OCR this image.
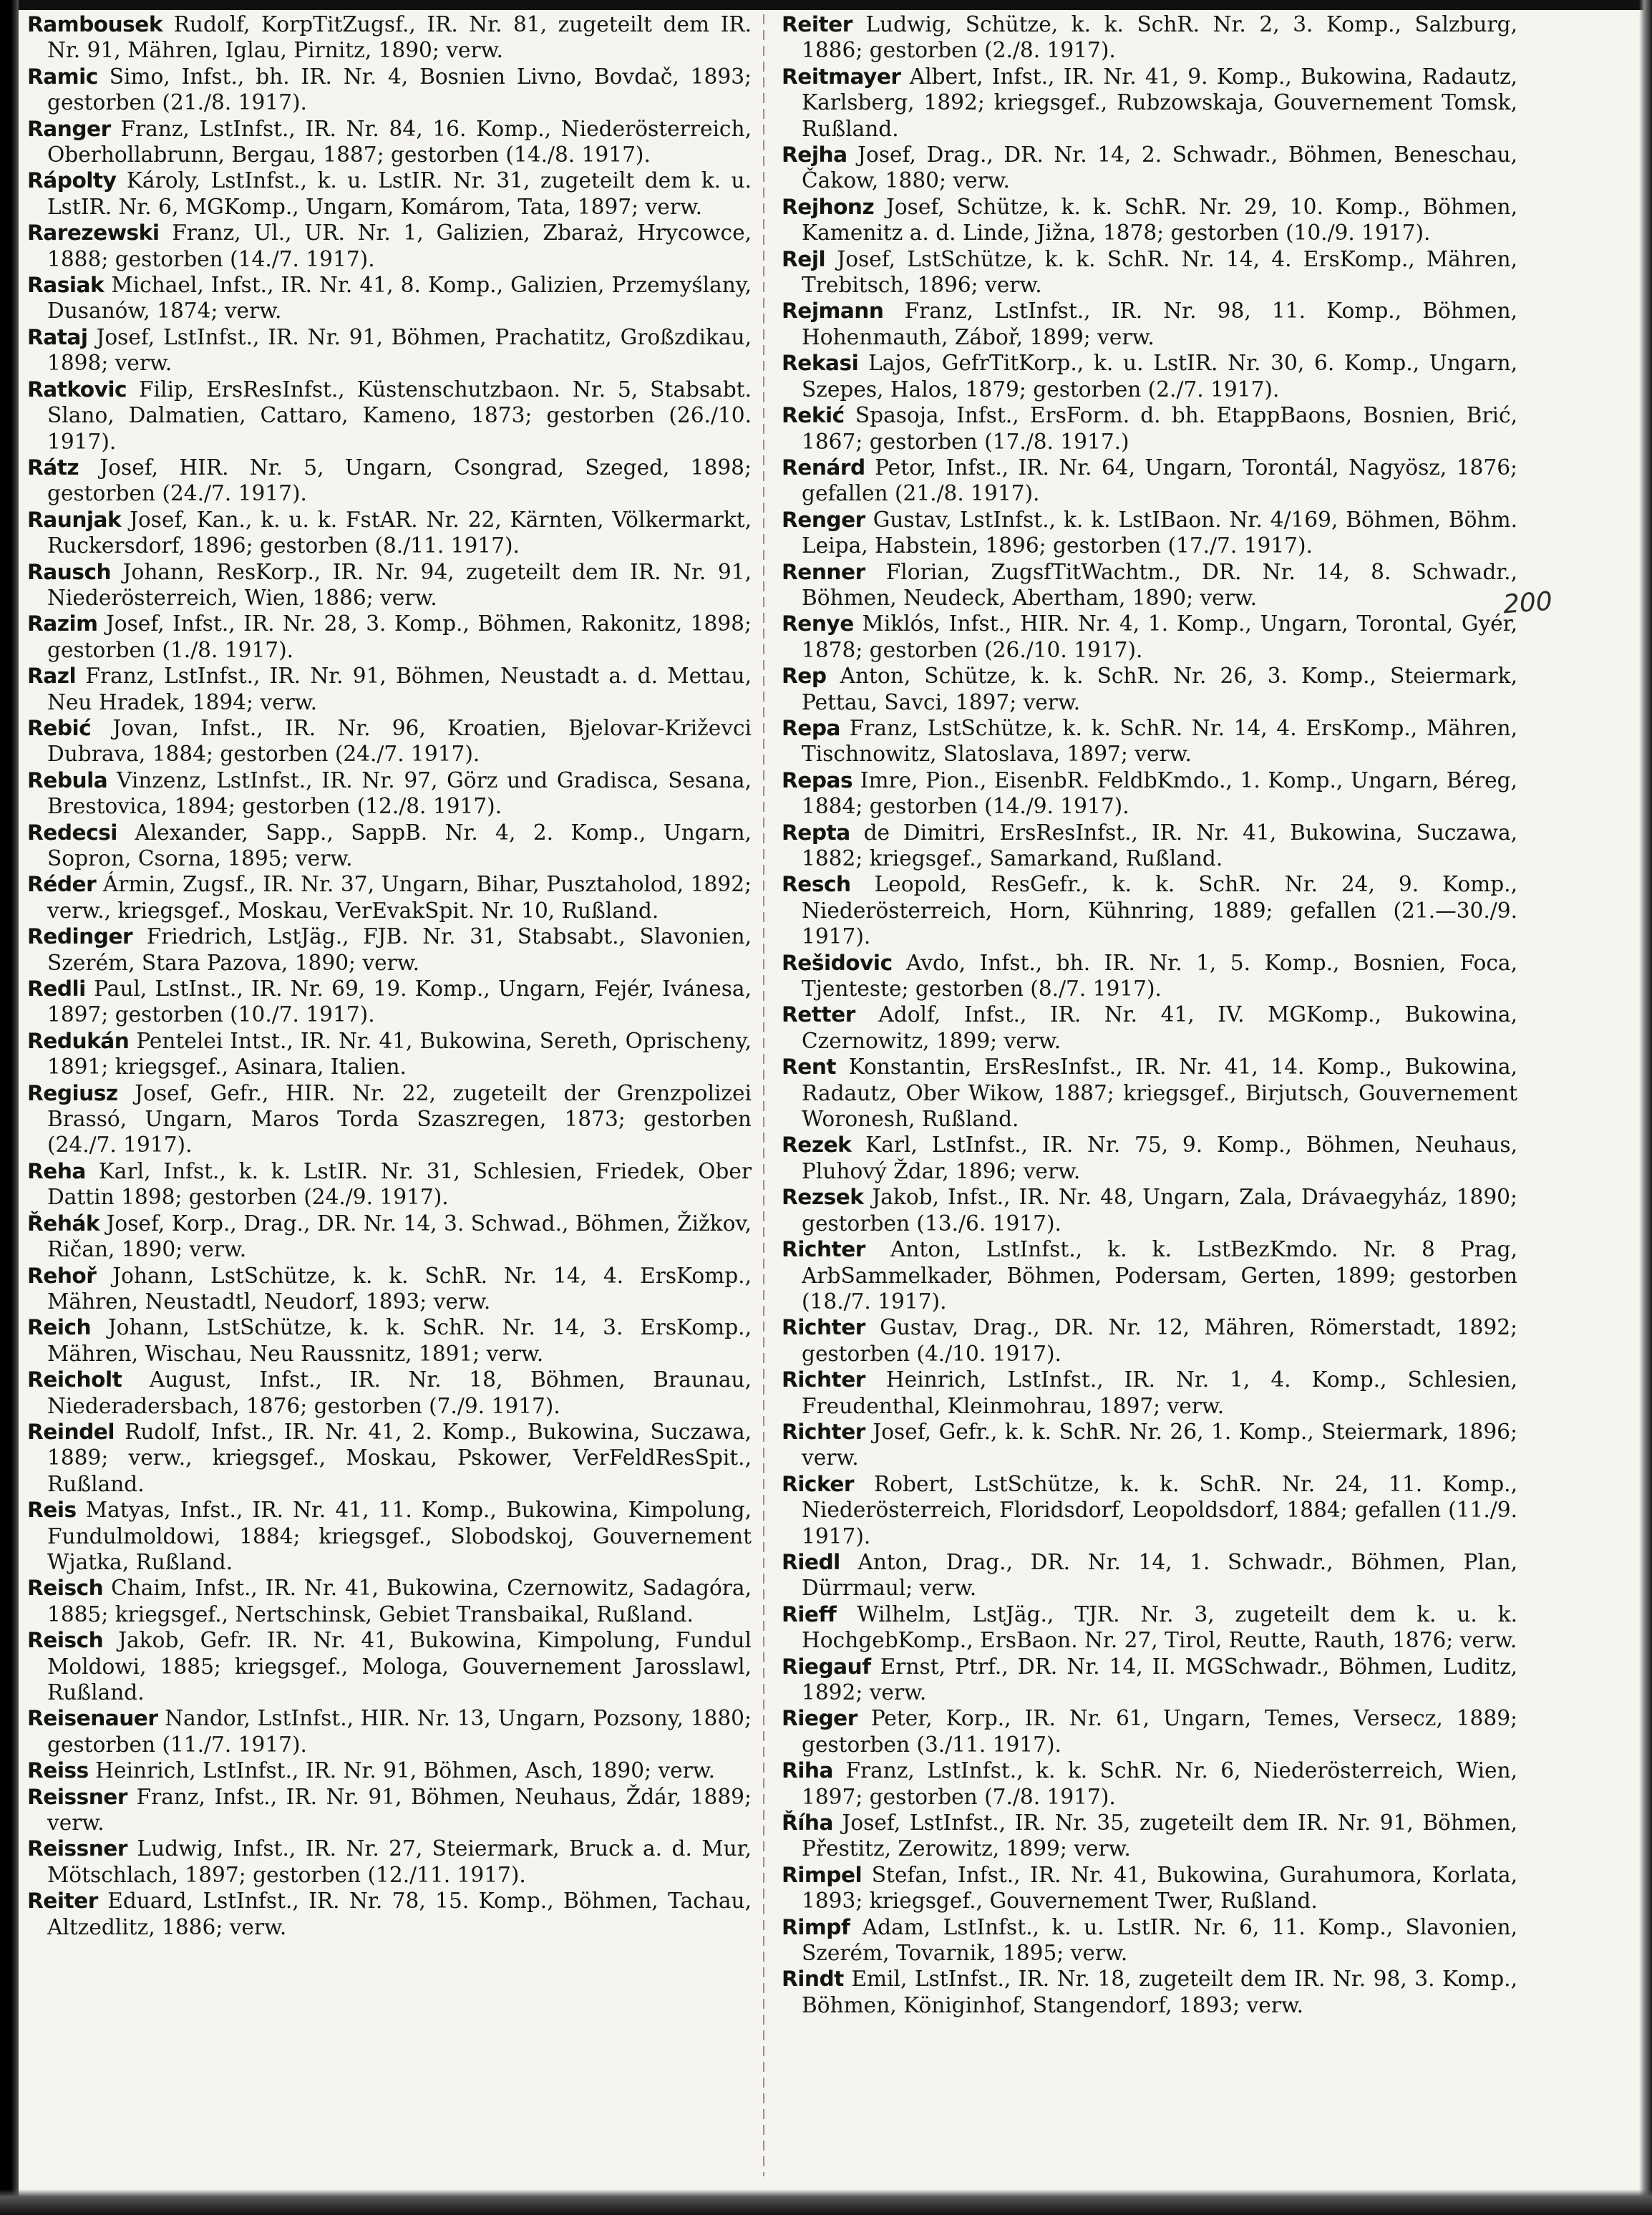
Rambousek Rudolf, KorpTitZugsf., IR. Nr. 81, zugeteilt dem IR. Nr. 91, Mähren, Iglau, Pirnitz, 1890; verw.

Ramic Simo, Infst., bh. IR. Nr. 4, Bosnien Livno, Bovdač, 1893; gestorben (21./8. 1917).

Ranger Franz, LstInfst., IR. Nr. 84, 16. Komp., Niederösterreich, Oberhollabrunn, Bergau, 1887; gestorben (14./8. 1917).

Rápolty Károly, LstInfst., k. u. LstIR. Nr. 31, zugeteilt dem k. u. LstIR. Nr. 6, MGKomp., Ungarn, Komárom, Tata, 1897; verw.

Rarezewski Franz, Ul., UR. Nr. 1, Galizien, Zbaraż, Hrycowce, 1888; gestorben (14./7. 1917).

Rasiak Michael, Infst., IR. Nr. 41, 8. Komp., Galizien, Przemyślany, Dusanów, 1874; verw.

Rataj Josef, LstInfst., IR. Nr. 91, Böhmen, Prachatitz, Großzdikau, 1898; verw.

Ratkovic Filip, ErsResInfst., Küstenschutzbaon. Nr. 5, Stabsabt. Slano, Dalmatien, Cattaro, Kameno, 1873; gestorben (26./10. 1917).

Rátz Josef, HIR. Nr. 5, Ungarn, Csongrad, Szeged, 1898; gestorben (24./7. 1917).

Raunjak Josef, Kan., k. u. k. FstAR. Nr. 22, Kärnten, Völkermarkt, Ruckersdorf, 1896; gestorben (8./11. 1917).

Rausch Johann, ResKorp., IR. Nr. 94, zugeteilt dem IR. Nr. 91, Niederösterreich, Wien, 1886; verw.

Razim Josef, Infst., IR. Nr. 28, 3. Komp., Böhmen, Rakonitz, 1898; gestorben (1./8. 1917).

Razl Franz, LstInfst., IR. Nr. 91, Böhmen, Neustadt a. d. Mettau, Neu Hradek, 1894; verw.

Rebić Jovan, Infst., IR. Nr. 96, Kroatien, Bjelovar-Križevci Dubrava, 1884; gestorben (24./7. 1917).

Rebula Vinzenz, LstInfst., IR. Nr. 97, Görz und Gradisca, Sesana, Brestovica, 1894; gestorben (12./8. 1917).

Redecsi Alexander, Sapp., SappB. Nr. 4, 2. Komp., Ungarn, Sopron, Csorna, 1895; verw.

Réder Ármin, Zugsf., IR. Nr. 37, Ungarn, Bihar, Pusztaholod, 1892; verw., kriegsgef., Moskau, VerEvakSpit. Nr. 10, Rußland.

Redinger Friedrich, LstJäg., FJB. Nr. 31, Stabsabt., Slavonien, Szerém, Stara Pazova, 1890; verw.

Redli Paul, LstInst., IR. Nr. 69, 19. Komp., Ungarn, Fejér, Ivánesa, 1897; gestorben (10./7. 1917).

Redukán Pentelei Intst., IR. Nr. 41, Bukowina, Sereth, Oprischeny, 1891; kriegsgef., Asinara, Italien.

Regiusz Josef, Gefr., HIR. Nr. 22, zugeteilt der Grenzpolizei Brassó, Ungarn, Maros Torda Szaszregen, 1873; gestorben (24./7. 1917).

Reha Karl, Infst., k. k. LstIR. Nr. 31, Schlesien, Friedek, Ober Dattin 1898; gestorben (24./9. 1917).

Řehák Josef, Korp., Drag., DR. Nr. 14, 3. Schwad., Böhmen, Žižkov, Ričan, 1890; verw.

Rehoř Johann, LstSchütze, k. k. SchR. Nr. 14, 4. ErsKomp., Mähren, Neustadtl, Neudorf, 1893; verw.

Reich Johann, LstSchütze, k. k. SchR. Nr. 14, 3. ErsKomp., Mähren, Wischau, Neu Raussnitz, 1891; verw.

Reicholt August, Infst., IR. Nr. 18, Böhmen, Braunau, Niederadersbach, 1876; gestorben (7./9. 1917).

Reindel Rudolf, Infst., IR. Nr. 41, 2. Komp., Bukowina, Suczawa, 1889; verw., kriegsgef., Moskau, Pskower, VerFeldResSpit., Rußland.

Reis Matyas, Infst., IR. Nr. 41, 11. Komp., Bukowina, Kimpolung, Fundulmoldowi, 1884; kriegsgef., Slobodskoj, Gouvernement Wjatka, Rußland.

Reisch Chaim, Infst., IR. Nr. 41, Bukowina, Czernowitz, Sadagóra, 1885; kriegsgef., Nertschinsk, Gebiet Transbaikal, Rußland.

Reisch Jakob, Gefr. IR. Nr. 41, Bukowina, Kimpolung, Fundul Moldowi, 1885; kriegsgef., Mologa, Gouvernement Jarosslawl, Rußland.

Reisenauer Nandor, LstInfst., HIR. Nr. 13, Ungarn, Pozsony, 1880; gestorben (11./7. 1917).

Reiss Heinrich, LstInfst., IR. Nr. 91, Böhmen, Asch, 1890; verw.

Reissner Franz, Infst., IR. Nr. 91, Böhmen, Neuhaus, Ždár, 1889; verw.

Reissner Ludwig, Infst., IR. Nr. 27, Steiermark, Bruck a. d. Mur, Mötschlach, 1897; gestorben (12./11. 1917).

Reiter Eduard, LstInfst., IR. Nr. 78, 15. Komp., Böhmen, Tachau, Altzedlitz, 1886; verw.

Reiter Ludwig, Schütze, k. k. SchR. Nr. 2, 3. Komp., Salzburg, 1886; gestorben (2./8. 1917).

Reitmayer Albert, Infst., IR. Nr. 41, 9. Komp., Bukowina, Radautz, Karlsberg, 1892; kriegsgef., Rubzowskaja, Gouvernement Tomsk, Rußland.

Rejha Josef, Drag., DR. Nr. 14, 2. Schwadr., Böhmen, Beneschau, Čakow, 1880; verw.

Rejhonz Josef, Schütze, k. k. SchR. Nr. 29, 10. Komp., Böhmen, Kamenitz a. d. Linde, Jižna, 1878; gestorben (10./9. 1917).

Rejl Josef, LstSchütze, k. k. SchR. Nr. 14, 4. ErsKomp., Mähren, Trebitsch, 1896; verw.

Rejmann Franz, LstInfst., IR. Nr. 98, 11. Komp., Böhmen, Hohenmauth, Záboř, 1899; verw.

Rekasi Lajos, GefrTitKorp., k. u. LstIR. Nr. 30, 6. Komp., Ungarn, Szepes, Halos, 1879; gestorben (2./7. 1917).

Rekić Spasoja, Infst., ErsForm. d. bh. EtappBaons, Bosnien, Brić, 1867; gestorben (17./8. 1917.)

Renárd Petor, Infst., IR. Nr. 64, Ungarn, Torontál, Nagyösz, 1876; gefallen (21./8. 1917).

Renger Gustav, LstInfst., k. k. LstIBaon. Nr. 4/169, Böhmen, Böhm. Leipa, Habstein, 1896; gestorben (17./7. 1917).

Renner Florian, ZugsfTitWachtm., DR. Nr. 14, 8. Schwadr., Böhmen, Neudeck, Abertham, 1890; verw.

Renye Miklós, Infst., HIR. Nr. 4, 1. Komp., Ungarn, Torontal, Gyér, 1878; gestorben (26./10. 1917).

Rep Anton, Schütze, k. k. SchR. Nr. 26, 3. Komp., Steiermark, Pettau, Savci, 1897; verw.

Repa Franz, LstSchütze, k. k. SchR. Nr. 14, 4. ErsKomp., Mähren, Tischnowitz, Slatoslava, 1897; verw.

Repas Imre, Pion., EisenbR. FeldbKmdo., 1. Komp., Ungarn, Béreg, 1884; gestorben (14./9. 1917).

Repta de Dimitri, ErsResInfst., IR. Nr. 41, Bukowina, Suczawa, 1882; kriegsgef., Samarkand, Rußland.

Resch Leopold, ResGefr., k. k. SchR. Nr. 24, 9. Komp., Niederösterreich, Horn, Kühnring, 1889; gefallen (21.—30./9. 1917).

Rešidovic Avdo, Infst., bh. IR. Nr. 1, 5. Komp., Bosnien, Foca, Tjenteste; gestorben (8./7. 1917).

Retter Adolf, Infst., IR. Nr. 41, IV. MGKomp., Bukowina, Czernowitz, 1899; verw.

Rent Konstantin, ErsResInfst., IR. Nr. 41, 14. Komp., Bukowina, Radautz, Ober Wikow, 1887; kriegsgef., Birjutsch, Gouvernement Woronesh, Rußland.

Rezek Karl, LstInfst., IR. Nr. 75, 9. Komp., Böhmen, Neuhaus, Pluhový Ždar, 1896; verw.

Rezsek Jakob, Infst., IR. Nr. 48, Ungarn, Zala, Drávaegyház, 1890; gestorben (13./6. 1917).

Richter Anton, LstInfst., k. k. LstBezKmdo. Nr. 8 Prag, ArbSammelkader, Böhmen, Podersam, Gerten, 1899; gestorben (18./7. 1917).

Richter Gustav, Drag., DR. Nr. 12, Mähren, Römerstadt, 1892; gestorben (4./10. 1917).

Richter Heinrich, LstInfst., IR. Nr. 1, 4. Komp., Schlesien, Freudenthal, Kleinmohrau, 1897; verw.

Richter Josef, Gefr., k. k. SchR. Nr. 26, 1. Komp., Steiermark, 1896; verw.

Ricker Robert, LstSchütze, k. k. SchR. Nr. 24, 11. Komp., Niederösterreich, Floridsdorf, Leopoldsdorf, 1884; gefallen (11./9. 1917).

Riedl Anton, Drag., DR. Nr. 14, 1. Schwadr., Böhmen, Plan, Dürrmaul; verw.

Rieff Wilhelm, LstJäg., TJR. Nr. 3, zugeteilt dem k. u. k. HochgebKomp., ErsBaon. Nr. 27, Tirol, Reutte, Rauth, 1876; verw.

Riegauf Ernst, Ptrf., DR. Nr. 14, II. MGSchwadr., Böhmen, Luditz, 1892; verw.

Rieger Peter, Korp., IR. Nr. 61, Ungarn, Temes, Versecz, 1889; gestorben (3./11. 1917).

Riha Franz, LstInfst., k. k. SchR. Nr. 6, Niederösterreich, Wien, 1897; gestorben (7./8. 1917).

Říha Josef, LstInfst., IR. Nr. 35, zugeteilt dem IR. Nr. 91, Böhmen, Přestitz, Zerowitz, 1899; verw.

Rimpel Stefan, Infst., IR. Nr. 41, Bukowina, Gurahumora, Korlata, 1893; kriegsgef., Gouvernement Twer, Rußland.

Rimpf Adam, LstInfst., k. u. LstIR. Nr. 6, 11. Komp., Slavonien, Szerém, Tovarnik, 1895; verw.

Rindt Emil, LstInfst., IR. Nr. 18, zugeteilt dem IR. Nr. 98, 3. Komp., Böhmen, Königinhof, Stangendorf, 1893; verw.

200
